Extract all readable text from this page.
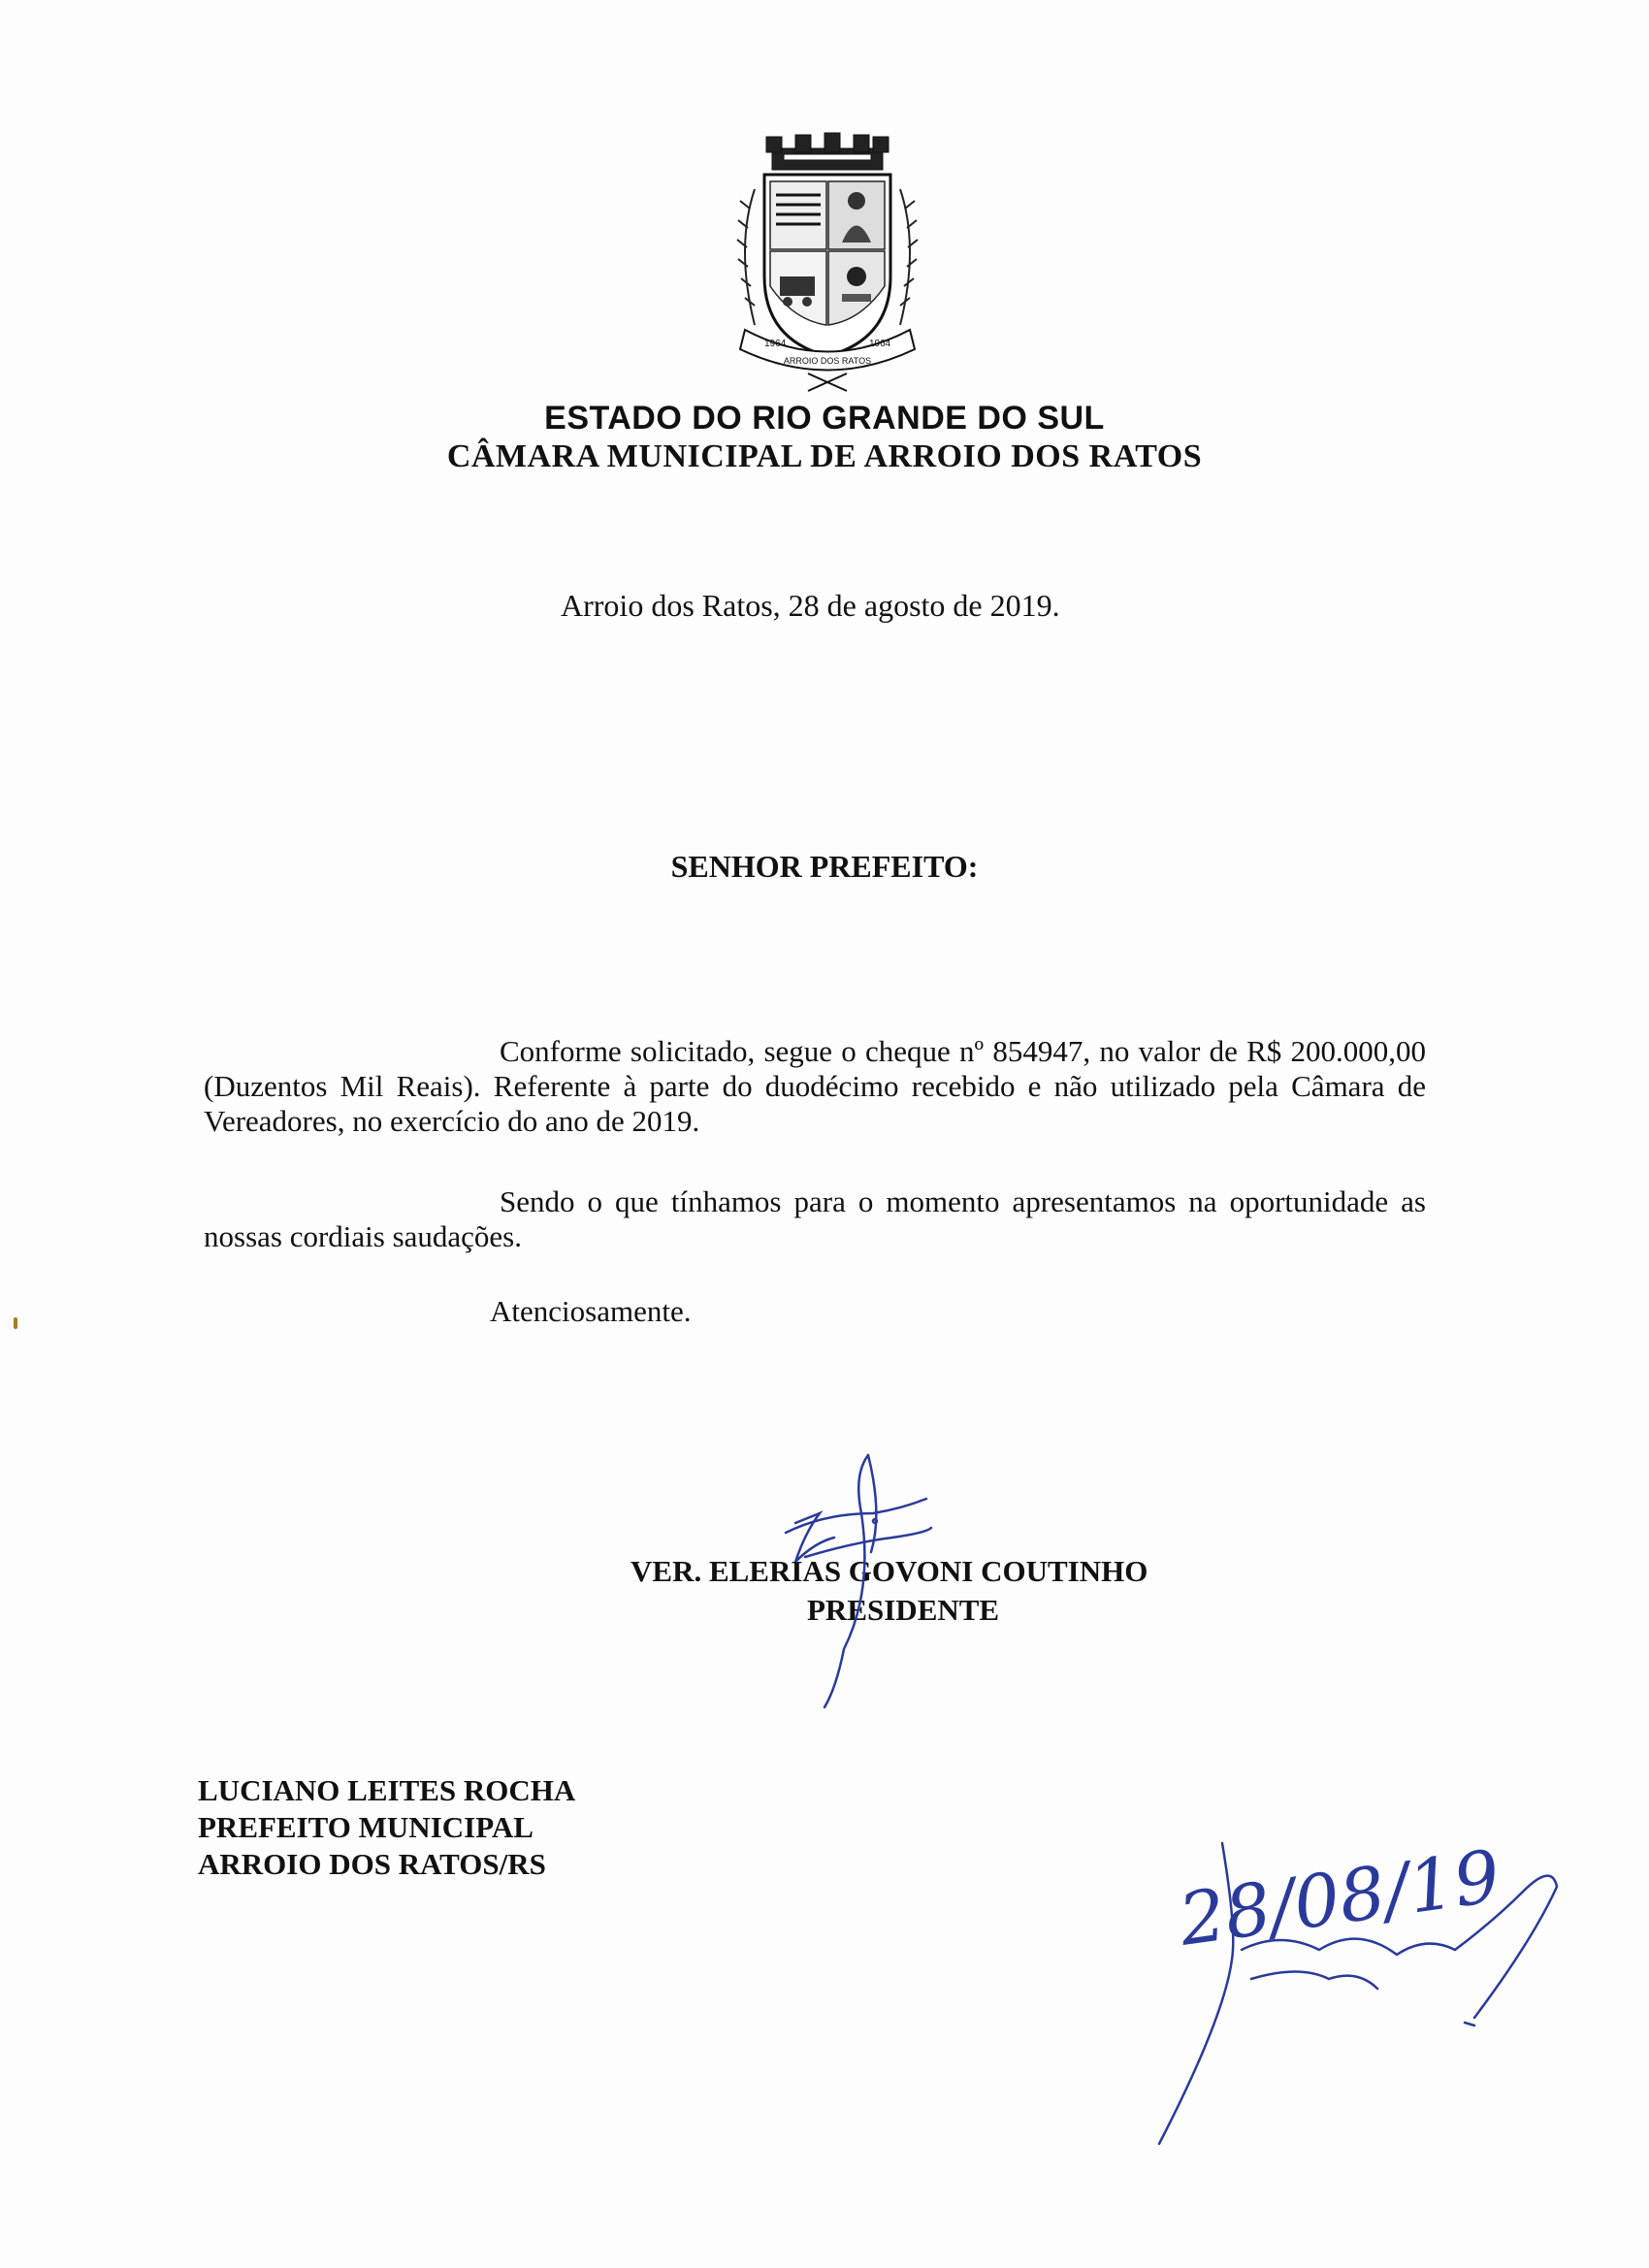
1964
ARROIO DOS RATOS
1964
ESTADO DO RIO GRANDE DO SUL
CÂMARA MUNICIPAL DE ARROIO DOS RATOS
Arroio dos Ratos, 28 de agosto de 2019.
SENHOR PREFEITO:

Conforme solicitado, segue o cheque nº 854947, no valor de R$ 200.000,00 (Duzentos Mil Reais). Referente à parte do duodécimo recebido e não utilizado pela Câmara de Vereadores, no exercício do ano de 2019.

Sendo o que tínhamos para o momento apresentamos na oportunidade as nossas cordiais saudações.

Atenciosamente.
VER. ELERIAS GOVONI COUTINHO
PRESIDENTE
LUCIANO LEITES ROCHA
PREFEITO MUNICIPAL
ARROIO DOS RATOS/RS	28/08/19
